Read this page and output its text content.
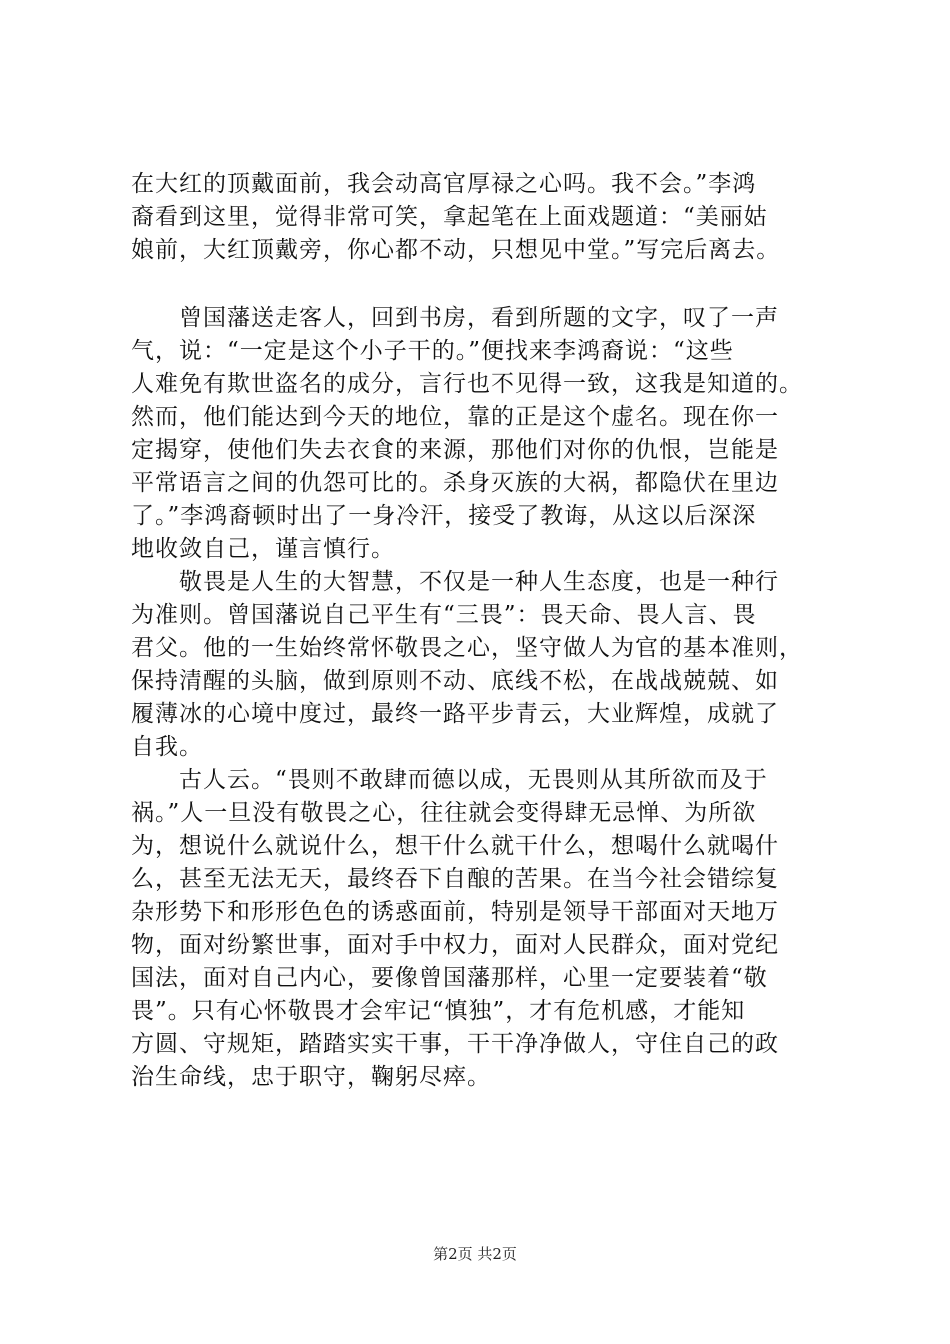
在大红的顶戴面前，我会动高官厚禄之心吗。我不会。”李鸿
裔看到这里，觉得非常可笑，拿起笔在上面戏题道：“美丽姑
娘前，大红顶戴旁，你心都不动，只想见中堂。”写完后离去。
　　曾国藩送走客人，回到书房，看到所题的文字，叹了一声
气，说：“一定是这个小子干的。”便找来李鸿裔说：“这些
人难免有欺世盗名的成分，言行也不见得一致，这我是知道的。
然而，他们能达到今天的地位，靠的正是这个虚名。现在你一
定揭穿，使他们失去衣食的来源，那他们对你的仇恨，岂能是
平常语言之间的仇怨可比的。杀身灭族的大祸，都隐伏在里边
了。”李鸿裔顿时出了一身冷汗，接受了教诲，从这以后深深
地收敛自己，谨言慎行。
　　敬畏是人生的大智慧，不仅是一种人生态度，也是一种行
为准则。曾国藩说自己平生有“三畏”：畏天命、畏人言、畏
君父。他的一生始终常怀敬畏之心，坚守做人为官的基本准则，
保持清醒的头脑，做到原则不动、底线不松，在战战兢兢、如
履薄冰的心境中度过，最终一路平步青云，大业辉煌，成就了
自我。
　　古人云。“畏则不敢肆而德以成，无畏则从其所欲而及于
祸。”人一旦没有敬畏之心，往往就会变得肆无忌惮、为所欲
为，想说什么就说什么，想干什么就干什么，想喝什么就喝什
么，甚至无法无天，最终吞下自酿的苦果。在当今社会错综复
杂形势下和形形色色的诱惑面前，特别是领导干部面对天地万
物，面对纷繁世事，面对手中权力，面对人民群众，面对党纪
国法，面对自己内心，要像曾国藩那样，心里一定要装着“敬
畏”。只有心怀敬畏才会牢记“慎独”，才有危机感，才能知
方圆、守规矩，踏踏实实干事，干干净净做人，守住自己的政
治生命线，忠于职守，鞠躬尽瘁。
第2页 共2页
